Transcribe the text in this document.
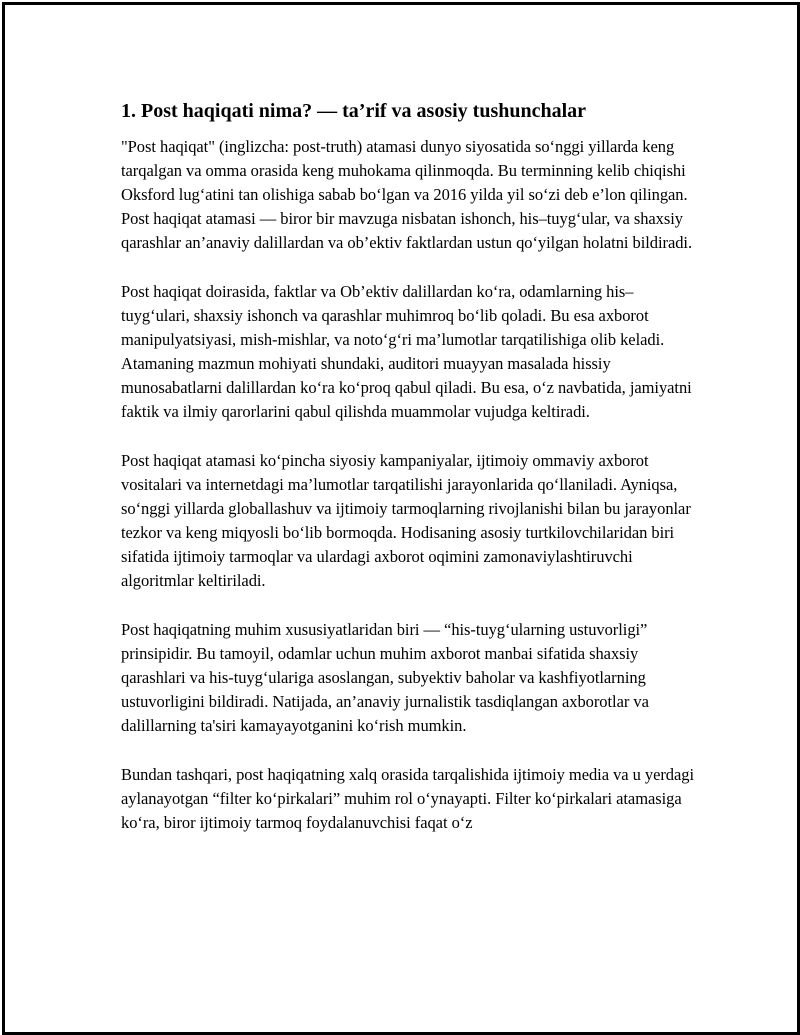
1. Post haqiqati nima? — ta’rif va asosiy tushunchalar

"Post haqiqat" (inglizcha: post-truth) atamasi dunyo siyosatida so‘nggi yillarda keng tarqalgan va omma orasida keng muhokama qilinmoqda. Bu terminning kelib chiqishi Oksford lug‘atini tan olishiga sabab bo‘lgan va 2016 yilda yil so‘zi deb e’lon qilingan. Post haqiqat atamasi — biror bir mavzuga nisbatan ishonch, his–tuyg‘ular, va shaxsiy qarashlar an’anaviy dalillardan va ob’ektiv faktlardan ustun qo‘yilgan holatni bildiradi.

Post haqiqat doirasida, faktlar va Ob’ektiv dalillardan ko‘ra, odamlarning his–tuyg‘ulari, shaxsiy ishonch va qarashlar muhimroq bo‘lib qoladi. Bu esa axborot manipulyatsiyasi, mish-mishlar, va noto‘g‘ri ma’lumotlar tarqatilishiga olib keladi. Atamaning mazmun mohiyati shundaki, auditori muayyan masalada hissiy munosabatlarni dalillardan ko‘ra ko‘proq qabul qiladi. Bu esa, o‘z navbatida, jamiyatni faktik va ilmiy qarorlarini qabul qilishda muammolar vujudga keltiradi.

Post haqiqat atamasi ko‘pincha siyosiy kampaniyalar, ijtimoiy ommaviy axborot vositalari va internetdagi ma’lumotlar tarqatilishi jarayonlarida qo‘llaniladi. Ayniqsa, so‘nggi yillarda globallashuv va ijtimoiy tarmoqlarning rivojlanishi bilan bu jarayonlar tezkor va keng miqyosli bo‘lib bormoqda. Hodisaning asosiy turtkilovchilaridan biri sifatida ijtimoiy tarmoqlar va ulardagi axborot oqimini zamonaviylashtiruvchi algoritmlar keltiriladi.

Post haqiqatning muhim xususiyatlaridan biri — “his-tuyg‘ularning ustuvorligi” prinsipidir. Bu tamoyil, odamlar uchun muhim axborot manbai sifatida shaxsiy qarashlari va his-tuyg‘ulariga asoslangan, subyektiv baholar va kashfiyotlarning ustuvorligini bildiradi. Natijada, an’anaviy jurnalistik tasdiqlangan axborotlar va dalillarning ta'siri kamayayotganini ko‘rish mumkin.

Bundan tashqari, post haqiqatning xalq orasida tarqalishida ijtimoiy media va u yerdagi aylanayotgan “filter ko‘pirkalari” muhim rol o‘ynayapti. Filter ko‘pirkalari atamasiga ko‘ra, biror ijtimoiy tarmoq foydalanuvchisi faqat o‘z
